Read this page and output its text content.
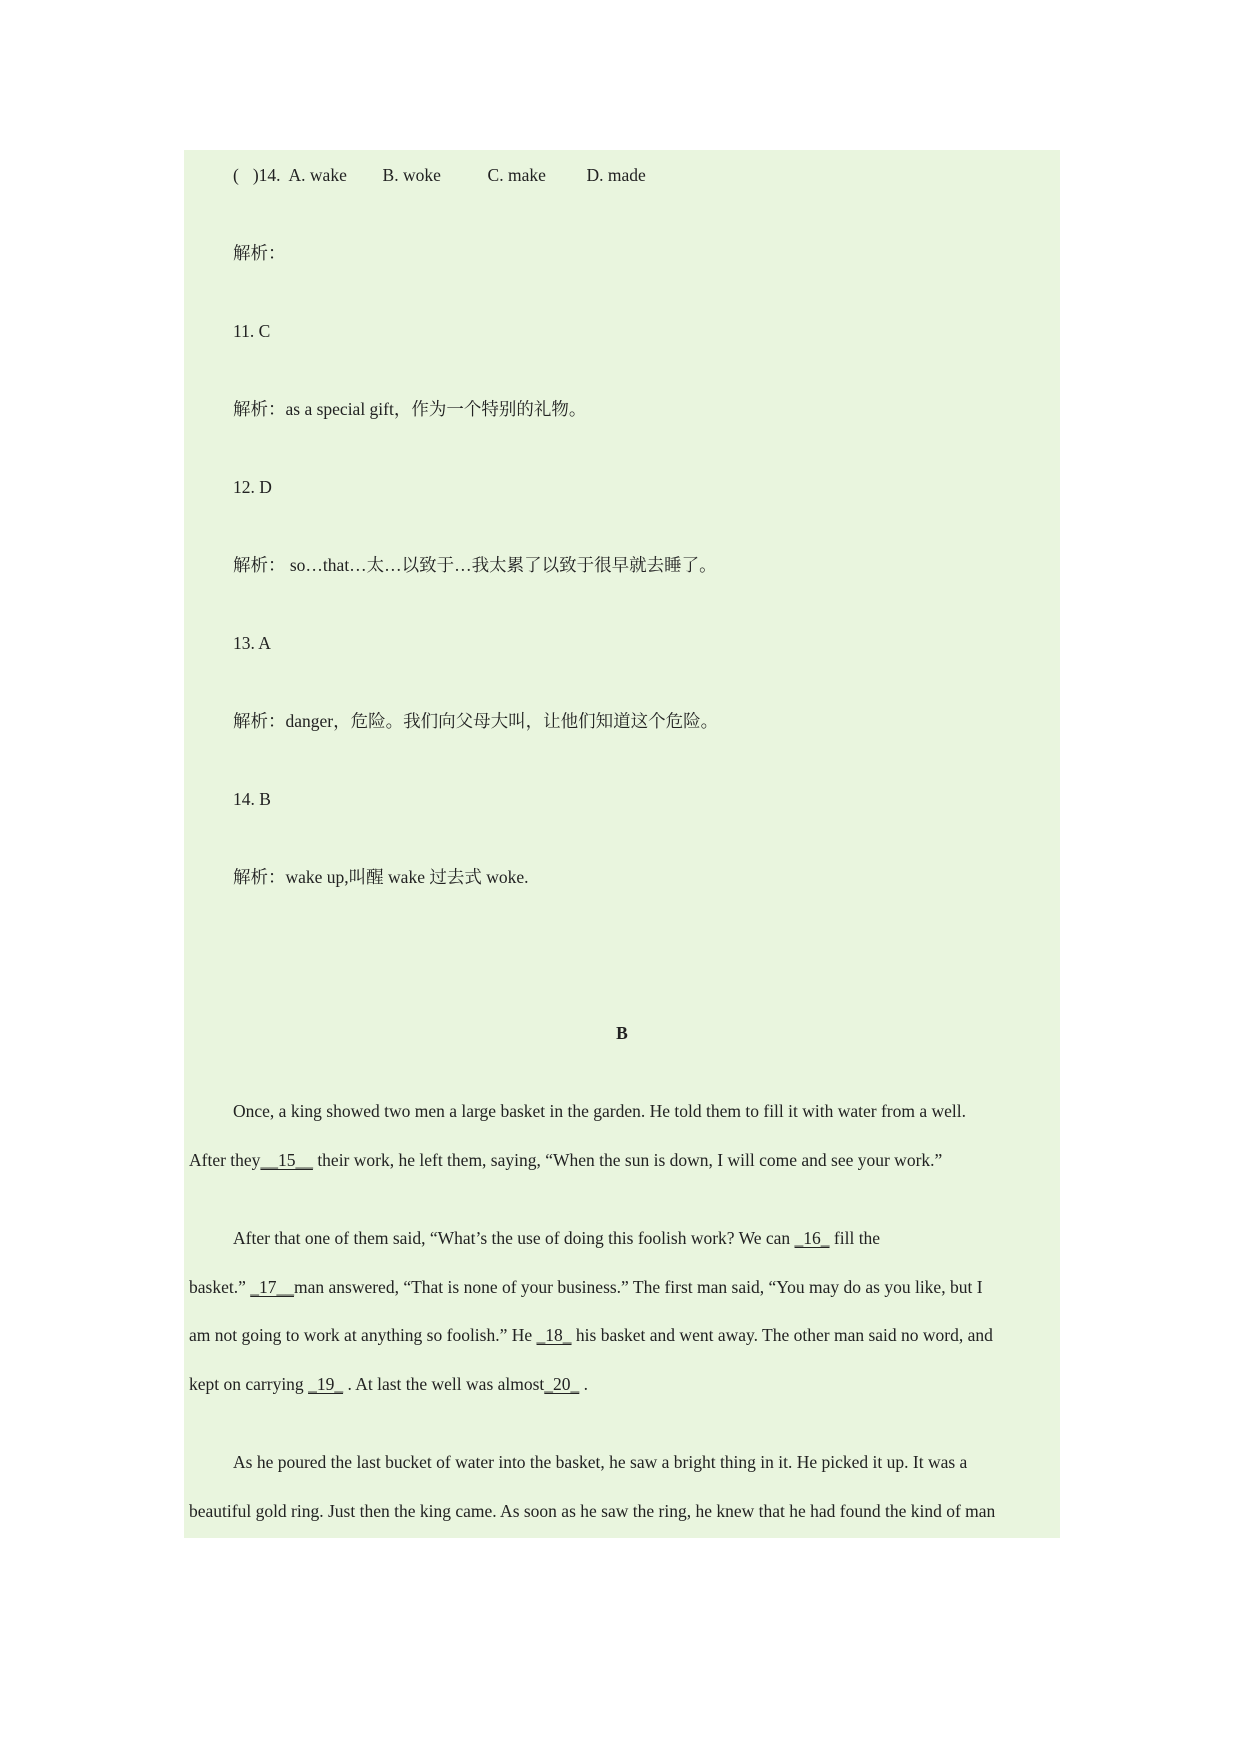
( )14. A. wake B. woke	C. make D. made
解析：
11. C
解析：as a special gift，作为一个特别的礼物。
12. D
解析： so…that…太…以致于…我太累了以致于很早就去睡了。
13. A
解析：danger，危险。我们向父母大叫，让他们知道这个危险。
14. B
解析：wake up,叫醒 wake 过去式 woke.
B
Once, a king showed two men a large basket in the garden. He told them to fill it with water from a well.
After they__15__ their work, he left them, saying, “When the sun is down, I will come and see your work.”
After that one of them said, “What’s the use of doing this foolish work? We can _16_ fill the
basket.” _17__man answered, “That is none of your business.” The first man said, “You may do as you like, but I
am not going to work at anything so foolish.” He _18_ his basket and went away. The other man said no word, and
kept on carrying _19_ . At last the well was almost_20_ .
As he poured the last bucket of water into the basket, he saw a bright thing in it. He picked it up. It was a
beautiful gold ring. Just then the king came. As soon as he saw the ring, he knew that he had found the kind of man
